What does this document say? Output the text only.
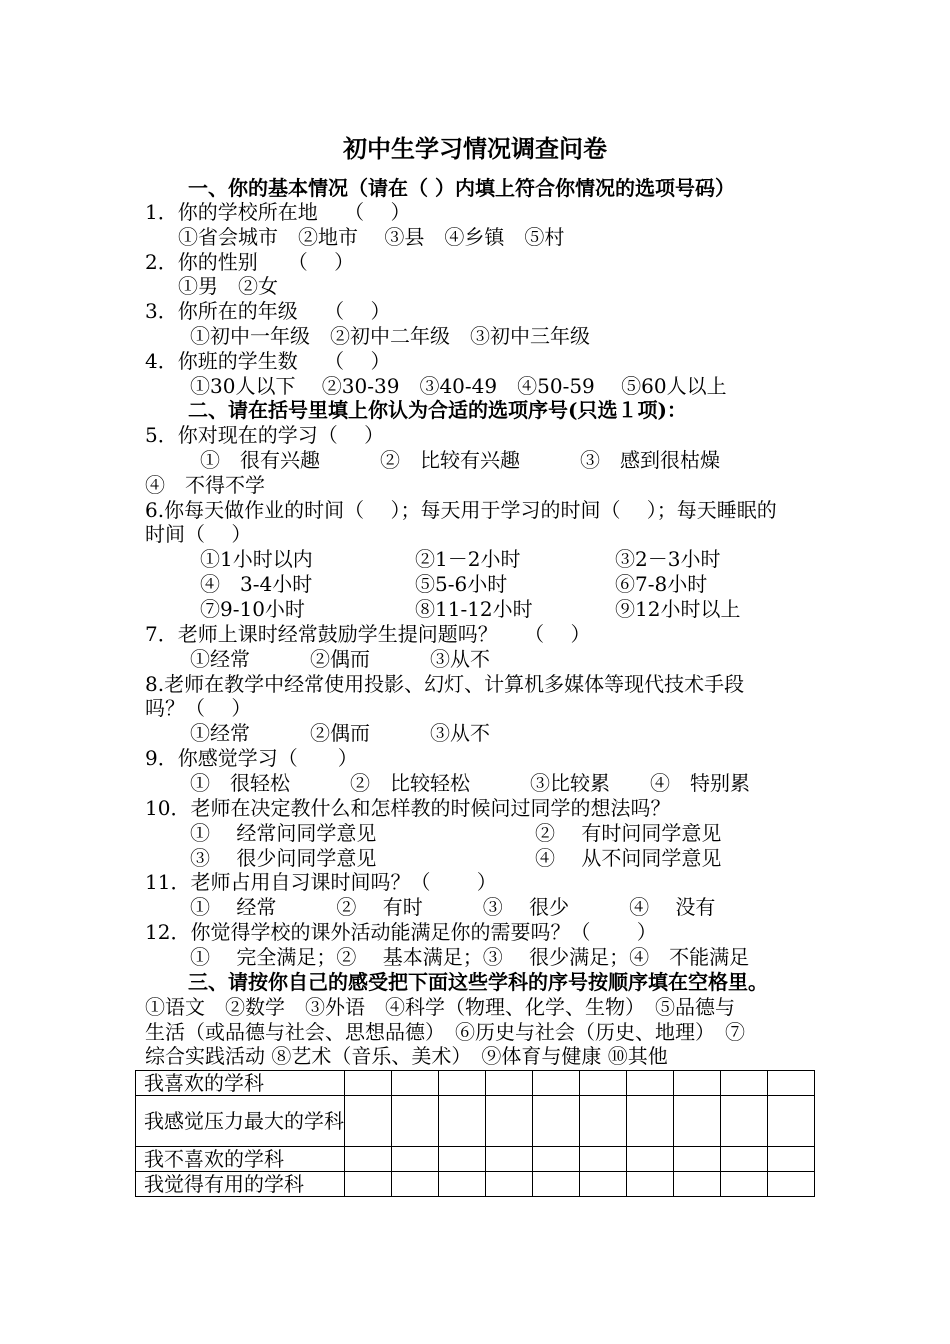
初中生学习情况调查问卷
一、你的基本情况（请在（ ）内填上符合你情况的选项号码）
1．你的学校所在地　 （　 ）
①省会城市　②地市　 ③县　④乡镇　⑤村
2．你的性别　　（　 ）
①男　②女
3．你所在的年级　 （　 ）
①初中一年级　②初中二年级　③初中三年级
4．你班的学生数　 （　 ）
①30人以下　 ②30-39　③40-49　④50-59　 ⑤60人以上
二、请在括号里填上你认为合适的选项序号(只选１项)：
5．你对现在的学习（　 ）
①　很有兴趣　　　②　比较有兴趣　　　③　感到很枯燥
④　不得不学
6.你每天做作业的时间（　 ）；每天用于学习的时间（　 ）；每天睡眠的
时间（　 ）
①1小时以内	②1－2小时	③2－3小时
④　3-4小时	⑤5-6小时	⑥7-8小时
⑦9-10小时	⑧11-12小时	⑨12小时以上
7．老师上课时经常鼓励学生提问题吗？　 （　 ）
①经常　　　②偶而　　　③从不
8.老师在教学中经常使用投影、幻灯、计算机多媒体等现代技术手段
吗？（　 ）
①经常　　　②偶而　　　③从不
9．你感觉学习（　　）
①　很轻松　　　②　比较轻松　　　③比较累　　④　特别累
10．老师在决定教什么和怎样教的时候问过同学的想法吗？
①　 经常问同学意见	②　 有时问同学意见
③　 很少问同学意见	④　 从不问同学意见
11．老师占用自习课时间吗？（　　 ）
①　 经常　　　②　 有时　　　③　 很少　　　④　 没有
12．你觉得学校的课外活动能满足你的需要吗？（　　 ）
①　 完全满足；②　 基本满足；③　 很少满足；④　不能满足
三、请按你自己的感受把下面这些学科的序号按顺序填在空格里。
①语文　②数学　③外语　④科学（物理、化学、生物）　⑤品德与
生活（或品德与社会、思想品德）　⑥历史与社会（历史、地理）　⑦
综合实践活动 ⑧艺术（音乐、美术）　⑨体育与健康 ⑩其他
我喜欢的学科										
我感觉压力最大的学科										
我不喜欢的学科										
我觉得有用的学科										
